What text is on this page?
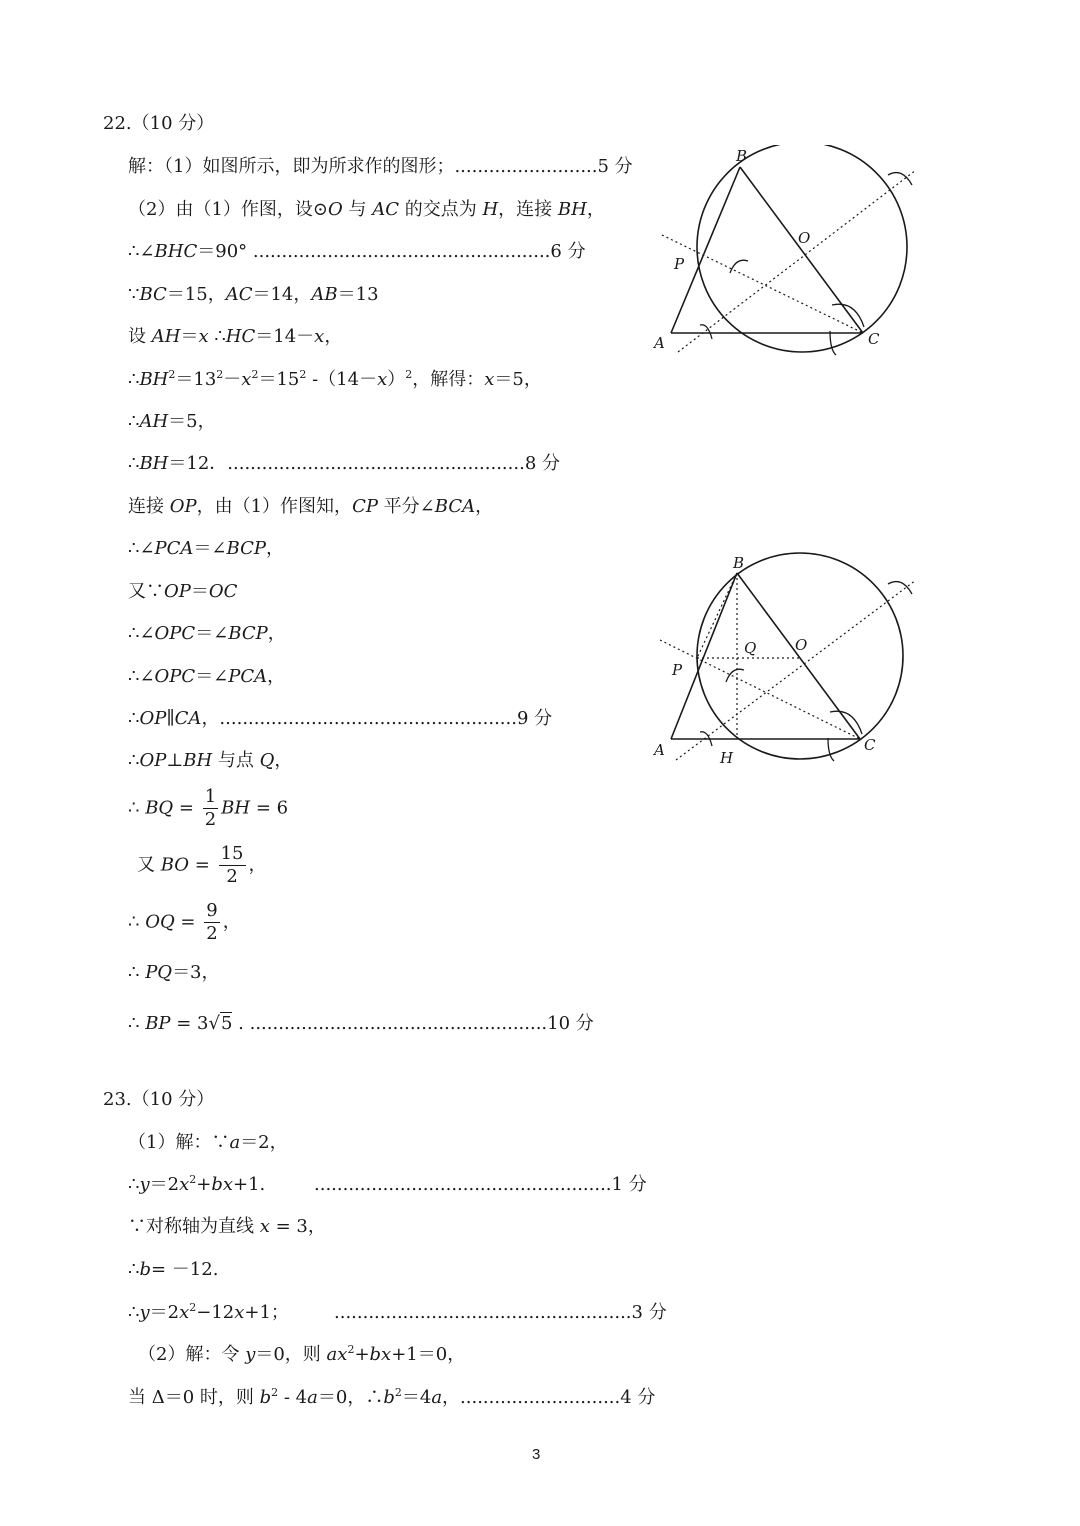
22.（10 分）
解：（1）如图所示，即为所求作的图形；.........................5 分
（2）由（1）作图，设⊙O 与 AC 的交点为 H，连接 BH，
∴∠BHC＝90° ....................................................6 分
∵BC＝15，AC＝14，AB＝13
设 AH＝x ∴HC＝14－x，
$\therefore BH^2=13^2-x^2=15^2$ $-(14-x)^2$，解得：x＝5，
∴AH＝5，
∴BH＝12．....................................................8 分
连接 OP，由（1）作图知，CP 平分∠BCA，
∴∠PCA＝∠BCP，
又∵OP＝OC
∴∠OPC＝∠BCP，
∴∠OPC＝∠PCA，
∴OP∥CA，....................................................9 分
∴OP⊥BH 与点 Q，
∴ BQ = $\frac{1}{2}$ BH = 6
又 BO = $\frac{15}{2}$ ，
∴ OQ = $\frac{9}{2}$ ，
∴ PQ＝3，
∴ BP = 3√5 . ....................................................10 分
23.（10 分）
（1）解：∵a＝2，
$\therefore y=2x^2+bx+1$.	....................................................1 分
∵对称轴为直线 x = 3，
∴b= －12.
$\therefore y=2x^2-12x+1$；	....................................................3 分
（2）解：令 y＝0，则 $ax^2+bx+1=0$，
当 Δ＝0 时，则 $b^2 - 4a=0$，$\therefore b^2=4a$，............................4 分
B
O
P
A	C
B
Q	O
P
A	H
C
3
